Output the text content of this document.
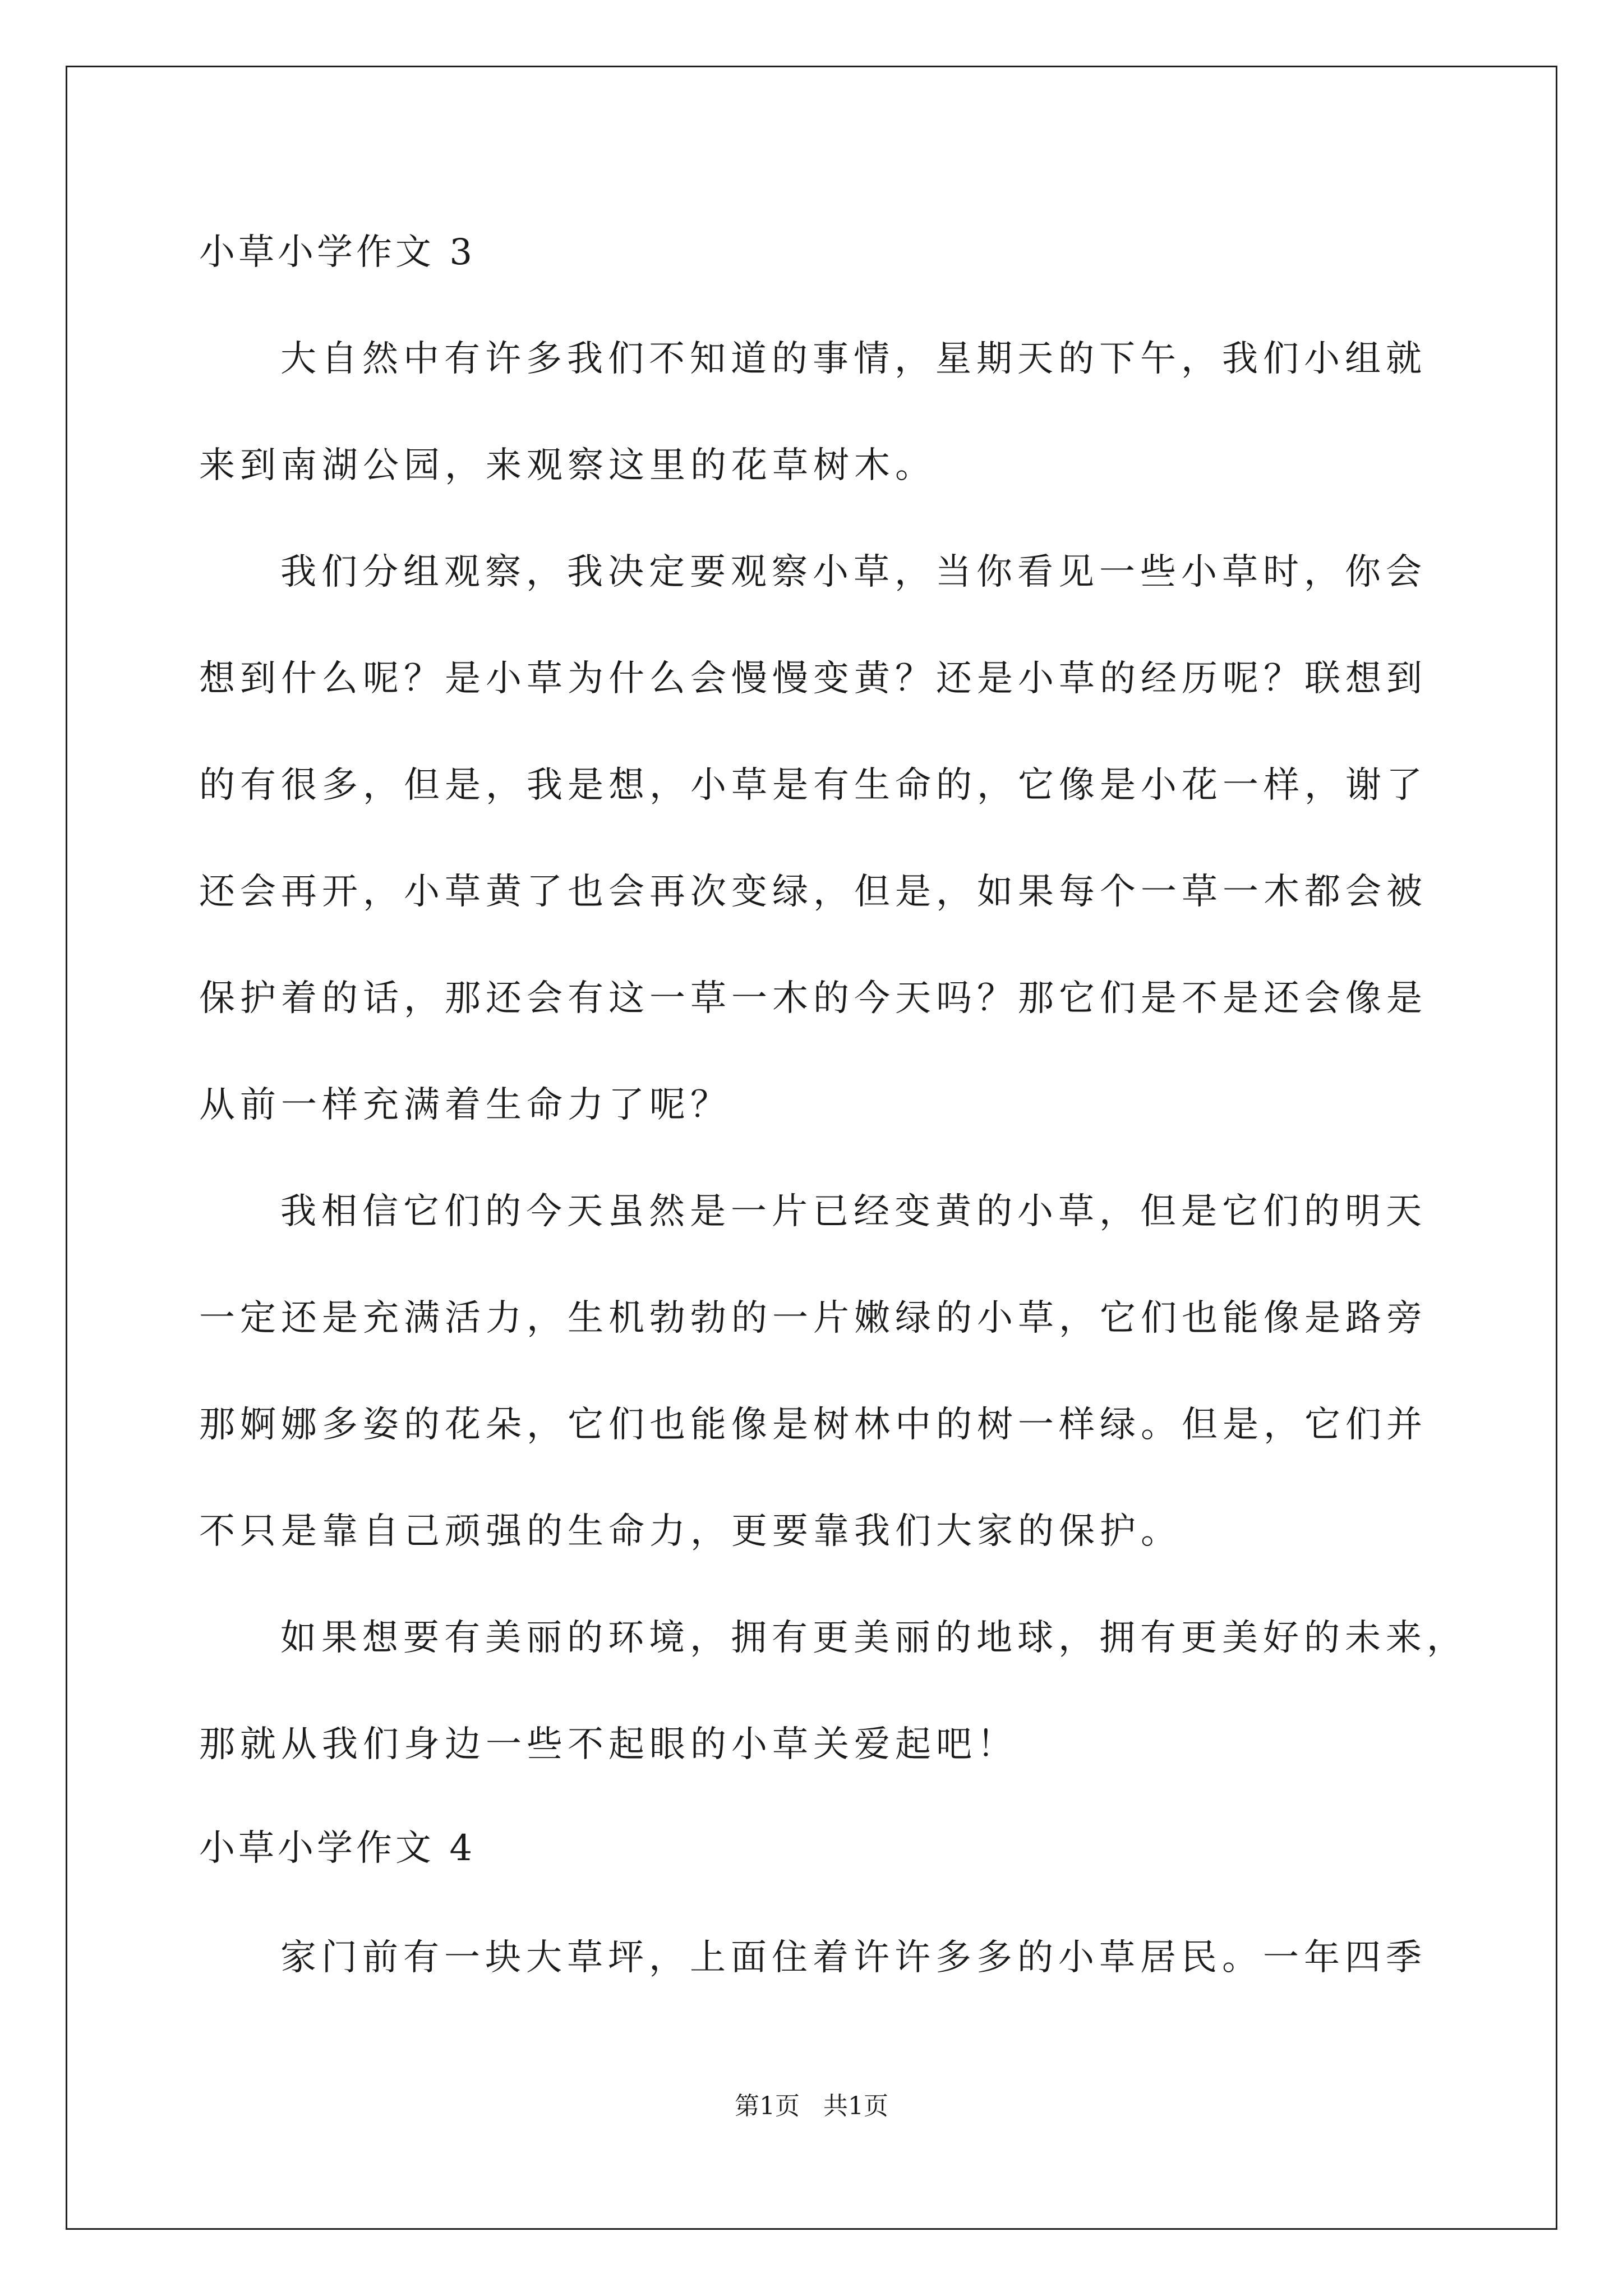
小草小学作文 3
大自然中有许多我们不知道的事情，星期天的下午，我们小组就
来到南湖公园，来观察这里的花草树木。
我们分组观察，我决定要观察小草，当你看见一些小草时，你会
想到什么呢？是小草为什么会慢慢变黄？还是小草的经历呢？联想到
的有很多，但是，我是想，小草是有生命的，它像是小花一样，谢了
还会再开，小草黄了也会再次变绿，但是，如果每个一草一木都会被
保护着的话，那还会有这一草一木的今天吗？那它们是不是还会像是
从前一样充满着生命力了呢？
我相信它们的今天虽然是一片已经变黄的小草，但是它们的明天
一定还是充满活力，生机勃勃的一片嫩绿的小草，它们也能像是路旁
那婀娜多姿的花朵，它们也能像是树林中的树一样绿。但是，它们并
不只是靠自己顽强的生命力，更要靠我们大家的保护。
如果想要有美丽的环境，拥有更美丽的地球，拥有更美好的未来，
那就从我们身边一些不起眼的小草关爱起吧！
小草小学作文 4
家门前有一块大草坪，上面住着许许多多的小草居民。一年四季
第1页   共1页
